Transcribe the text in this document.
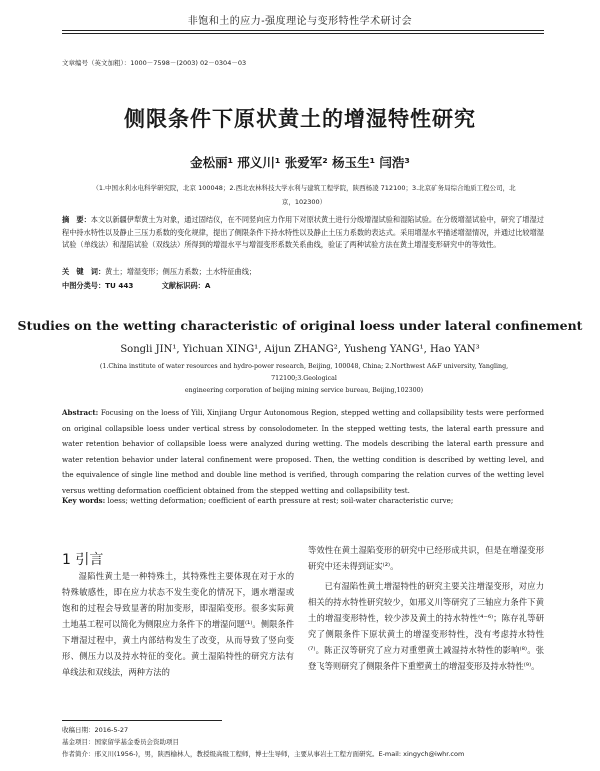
非饱和土的应力-强度理论与变形特性学术研讨会
文章编号（英文加粗）：1000－7598－(2003) 02－0304－03
侧限条件下原状黄土的增湿特性研究
金松丽¹ 邢义川¹ 张爱军² 杨玉生¹ 闫浩³
（1.中国水利水电科学研究院，北京 100048；2.西北农林科技大学水利与建筑工程学院，陕西杨凌 712100；3.北京矿务局综合地质工程公司，北
京，102300）
摘　要：本文以新疆伊犁黄土为对象，通过固结仪，在不同竖向应力作用下对原状黄土进行分级增湿试验和湿陷试验。在分级增湿试验中，研究了增湿过程中持水特性以及静止三压力系数的变化规律，提出了侧限条件下持水特性以及静止土压力系数的表达式。采用增湿水平描述增湿情况，并通过比较增湿试验（单线法）和湿陷试验（双线法）所得到的增湿水平与增湿变形系数关系曲线，验证了两种试验方法在黄土增湿变形研究中的等效性。
关　键　词：黄土；增湿变形；侧压力系数；土水特征曲线；
中图分类号：TU 443	文献标识码：A
Studies on the wetting characteristic of original loess under lateral confinement
Songli JIN¹, Yichuan XING¹, Aijun ZHANG², Yusheng YANG¹, Hao YAN³
(1.China institute of water resources and hydro-power research, Beijing, 100048, China; 2.Northwest A&F university, Yangling, 712100;3.Geological
engineering corporation of beijing mining service bureau, Beijing,102300)
Abstract: Focusing on the loess of Yili, Xinjiang Urgur Autonomous Region, stepped wetting and collapsibility tests were performed on original collapsible loess under vertical stress by consolodometer. In the stepped wetting tests, the lateral earth pressure and water retention behavior of collapsible loess were analyzed during wetting. The models describing the lateral earth pressure and water retention behavior under lateral confinement were proposed. Then, the wetting condition is described by wetting level, and the equivalence of single line method and double line method is verified, through comparing the relation curves of the wetting level versus wetting deformation coefficient obtained from the stepped wetting and collapsibility test.
Key words: loess; wetting deformation; coefficient of earth pressure at rest; soil-water characteristic curve;
1 引言

湿陷性黄土是一种特殊土，其特殊性主要体现在对于水的特殊敏感性，即在应力状态不发生变化的情况下，遇水增湿或饱和的过程会导致显著的附加变形，即湿陷变形。很多实际黄土地基工程可以简化为侧限应力条件下的增湿问题⁽¹⁾。侧限条件下增湿过程中，黄土内部结构发生了改变，从而导致了竖向变形、侧压力以及持水特征的变化。黄土湿陷特性的研究方法有单线法和双线法，两种方法的

等效性在黄土湿陷变形的研究中已经形成共识，但是在增湿变形研究中还未得到证实⁽²⁾。

已有湿陷性黄土增湿特性的研究主要关注增湿变形，对应力相关的持水特性研究较少，如邢义川等研究了三轴应力条件下黄土的增湿变形特性，较少涉及黄土的持水特性⁽⁴⁻⁶⁾；陈存礼等研究了侧限条件下原状黄土的增湿变形特性，没有考虑持水特性⁽⁷⁾。陈正汉等研究了应力对重塑黄土减湿持水特性的影响⁽⁸⁾。张登飞等则研究了侧限条件下重塑黄土的增湿变形及持水特性⁽⁹⁾。

收稿日期：2016-5-27
基金项目：国家留学基金委员会资助项目
作者简介：邢义川(1956-)，男，陕西榆林人，教授级高级工程师，博士生导师，主要从事岩土工程方面研究。E-mail: xingych@iwhr.com
